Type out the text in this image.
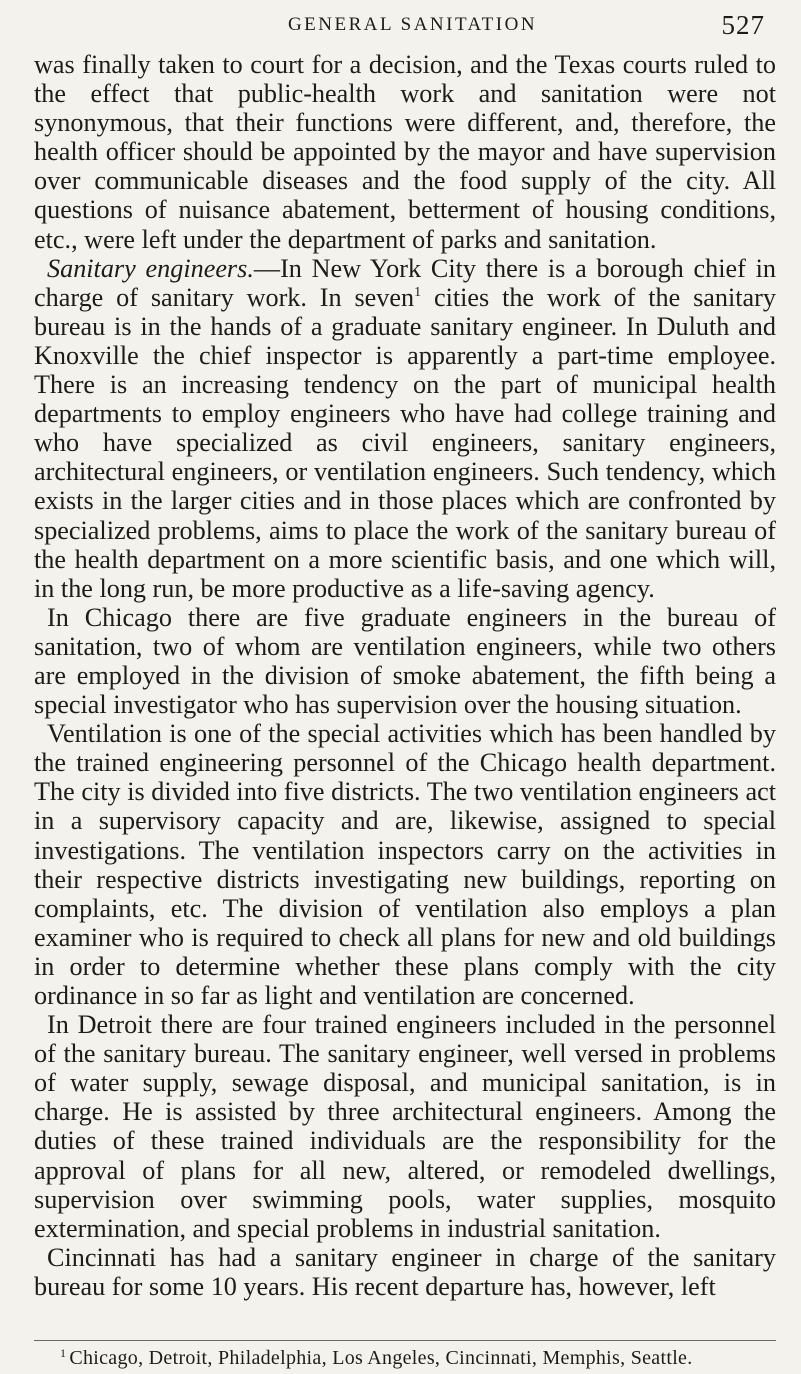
GENERAL SANITATION	527

was finally taken to court for a decision, and the Texas courts ruled to the effect that public-health work and sanitation were not synonymous, that their functions were different, and, therefore, the health officer should be appointed by the mayor and have supervision over communicable diseases and the food supply of the city. All questions of nuisance abatement, betterment of housing conditions, etc., were left under the department of parks and sanitation.

Sanitary engineers.—In New York City there is a borough chief in charge of sanitary work. In seven$^1$ cities the work of the sanitary bureau is in the hands of a graduate sanitary engineer. In Duluth and Knoxville the chief inspector is apparently a part-time employee. There is an increasing tendency on the part of municipal health departments to employ engineers who have had college training and who have specialized as civil engineers, sanitary engineers, architectural engineers, or ventilation engineers. Such tendency, which exists in the larger cities and in those places which are confronted by specialized problems, aims to place the work of the sanitary bureau of the health department on a more scientific basis, and one which will, in the long run, be more productive as a life-saving agency.

In Chicago there are five graduate engineers in the bureau of sanitation, two of whom are ventilation engineers, while two others are employed in the division of smoke abatement, the fifth being a special investigator who has supervision over the housing situation.

Ventilation is one of the special activities which has been handled by the trained engineering personnel of the Chicago health department. The city is divided into five districts. The two ventilation engineers act in a supervisory capacity and are, likewise, assigned to special investigations. The ventilation inspectors carry on the activities in their respective districts investigating new buildings, reporting on complaints, etc. The division of ventilation also employs a plan examiner who is required to check all plans for new and old buildings in order to determine whether these plans comply with the city ordinance in so far as light and ventilation are concerned.

In Detroit there are four trained engineers included in the personnel of the sanitary bureau. The sanitary engineer, well versed in problems of water supply, sewage disposal, and municipal sanitation, is in charge. He is assisted by three architectural engineers. Among the duties of these trained individuals are the responsibility for the approval of plans for all new, altered, or remodeled dwellings, supervision over swimming pools, water supplies, mosquito extermination, and special problems in industrial sanitation.

Cincinnati has had a sanitary engineer in charge of the sanitary bureau for some 10 years. His recent departure has, however, left

$^1$ Chicago, Detroit, Philadelphia, Los Angeles, Cincinnati, Memphis, Seattle.
